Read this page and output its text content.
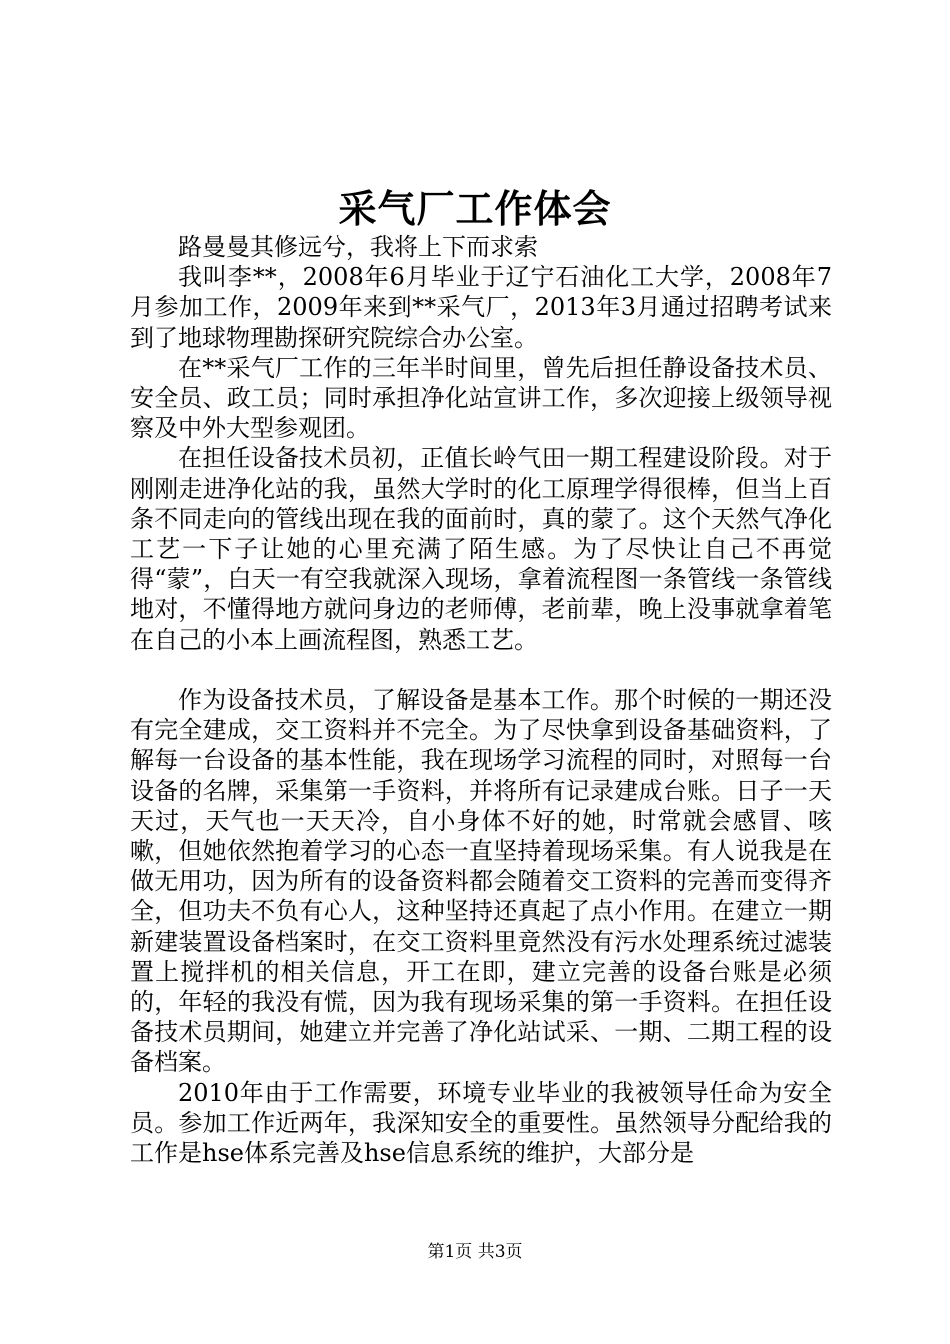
采气厂工作体会

路曼曼其修远兮，我将上下而求索

我叫李**，2008年6月毕业于辽宁石油化工大学，2008年7月参加工作，2009年来到**采气厂，2013年3月通过招聘考试来到了地球物理勘探研究院综合办公室。

在**采气厂工作的三年半时间里，曾先后担任静设备技术员、安全员、政工员；同时承担净化站宣讲工作，多次迎接上级领导视察及中外大型参观团。

在担任设备技术员初，正值长岭气田一期工程建设阶段。对于刚刚走进净化站的我，虽然大学时的化工原理学得很棒，但当上百条不同走向的管线出现在我的面前时，真的蒙了。这个天然气净化工艺一下子让她的心里充满了陌生感。为了尽快让自己不再觉得“蒙”，白天一有空我就深入现场，拿着流程图一条管线一条管线地对，不懂得地方就问身边的老师傅，老前辈，晚上没事就拿着笔在自己的小本上画流程图，熟悉工艺。

作为设备技术员，了解设备是基本工作。那个时候的一期还没有完全建成，交工资料并不完全。为了尽快拿到设备基础资料，了解每一台设备的基本性能，我在现场学习流程的同时，对照每一台设备的名牌，采集第一手资料，并将所有记录建成台账。日子一天天过，天气也一天天冷，自小身体不好的她，时常就会感冒、咳嗽，但她依然抱着学习的心态一直坚持着现场采集。有人说我是在做无用功，因为所有的设备资料都会随着交工资料的完善而变得齐全，但功夫不负有心人，这种坚持还真起了点小作用。在建立一期新建装置设备档案时，在交工资料里竟然没有污水处理系统过滤装置上搅拌机的相关信息，开工在即，建立完善的设备台账是必须的，年轻的我没有慌，因为我有现场采集的第一手资料。在担任设备技术员期间，她建立并完善了净化站试采、一期、二期工程的设备档案。

2010年由于工作需要，环境专业毕业的我被领导任命为安全员。参加工作近两年，我深知安全的重要性。虽然领导分配给我的工作是hse体系完善及hse信息系统的维护，大部分是

第1页 共3页
